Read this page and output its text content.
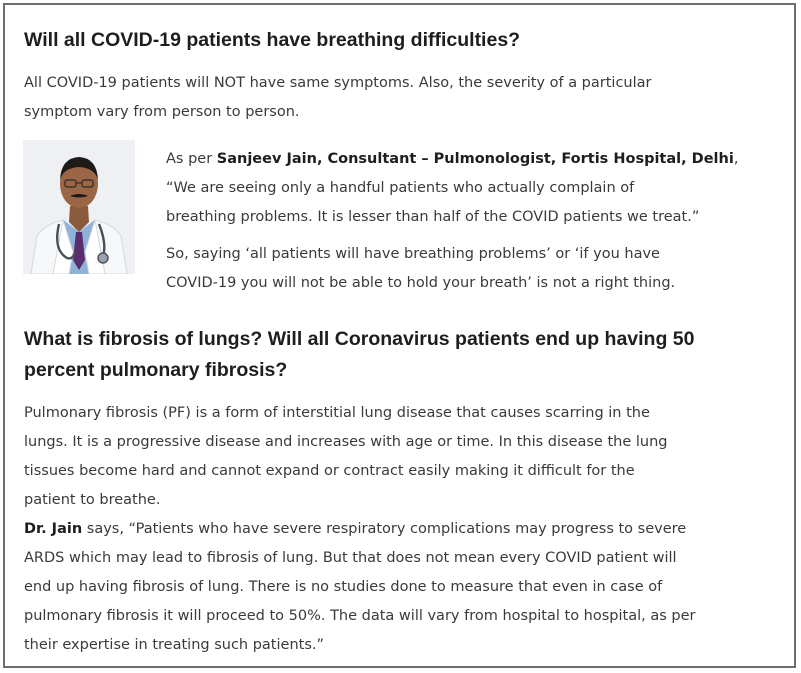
Will all COVID-19 patients have breathing difficulties?

All COVID-19 patients will NOT have same symptoms. Also, the severity of a particular

symptom vary from person to person.

As per Sanjeev Jain, Consultant – Pulmonologist, Fortis Hospital, Delhi,

“We are seeing only a handful patients who actually complain of

breathing problems. It is lesser than half of the COVID patients we treat.”

So, saying ‘all patients will have breathing problems’ or ‘if you have

COVID-19 you will not be able to hold your breath’ is not a right thing.

What is fibrosis of lungs? Will all Coronavirus patients end up having 50
percent pulmonary fibrosis?

Pulmonary fibrosis (PF) is a form of interstitial lung disease that causes scarring in the

lungs. It is a progressive disease and increases with age or time. In this disease the lung

tissues become hard and cannot expand or contract easily making it difficult for the

patient to breathe.

Dr. Jain says, “Patients who have severe respiratory complications may progress to severe

ARDS which may lead to fibrosis of lung. But that does not mean every COVID patient will

end up having fibrosis of lung. There is no studies done to measure that even in case of

pulmonary fibrosis it will proceed to 50%. The data will vary from hospital to hospital, as per

their expertise in treating such patients.”
